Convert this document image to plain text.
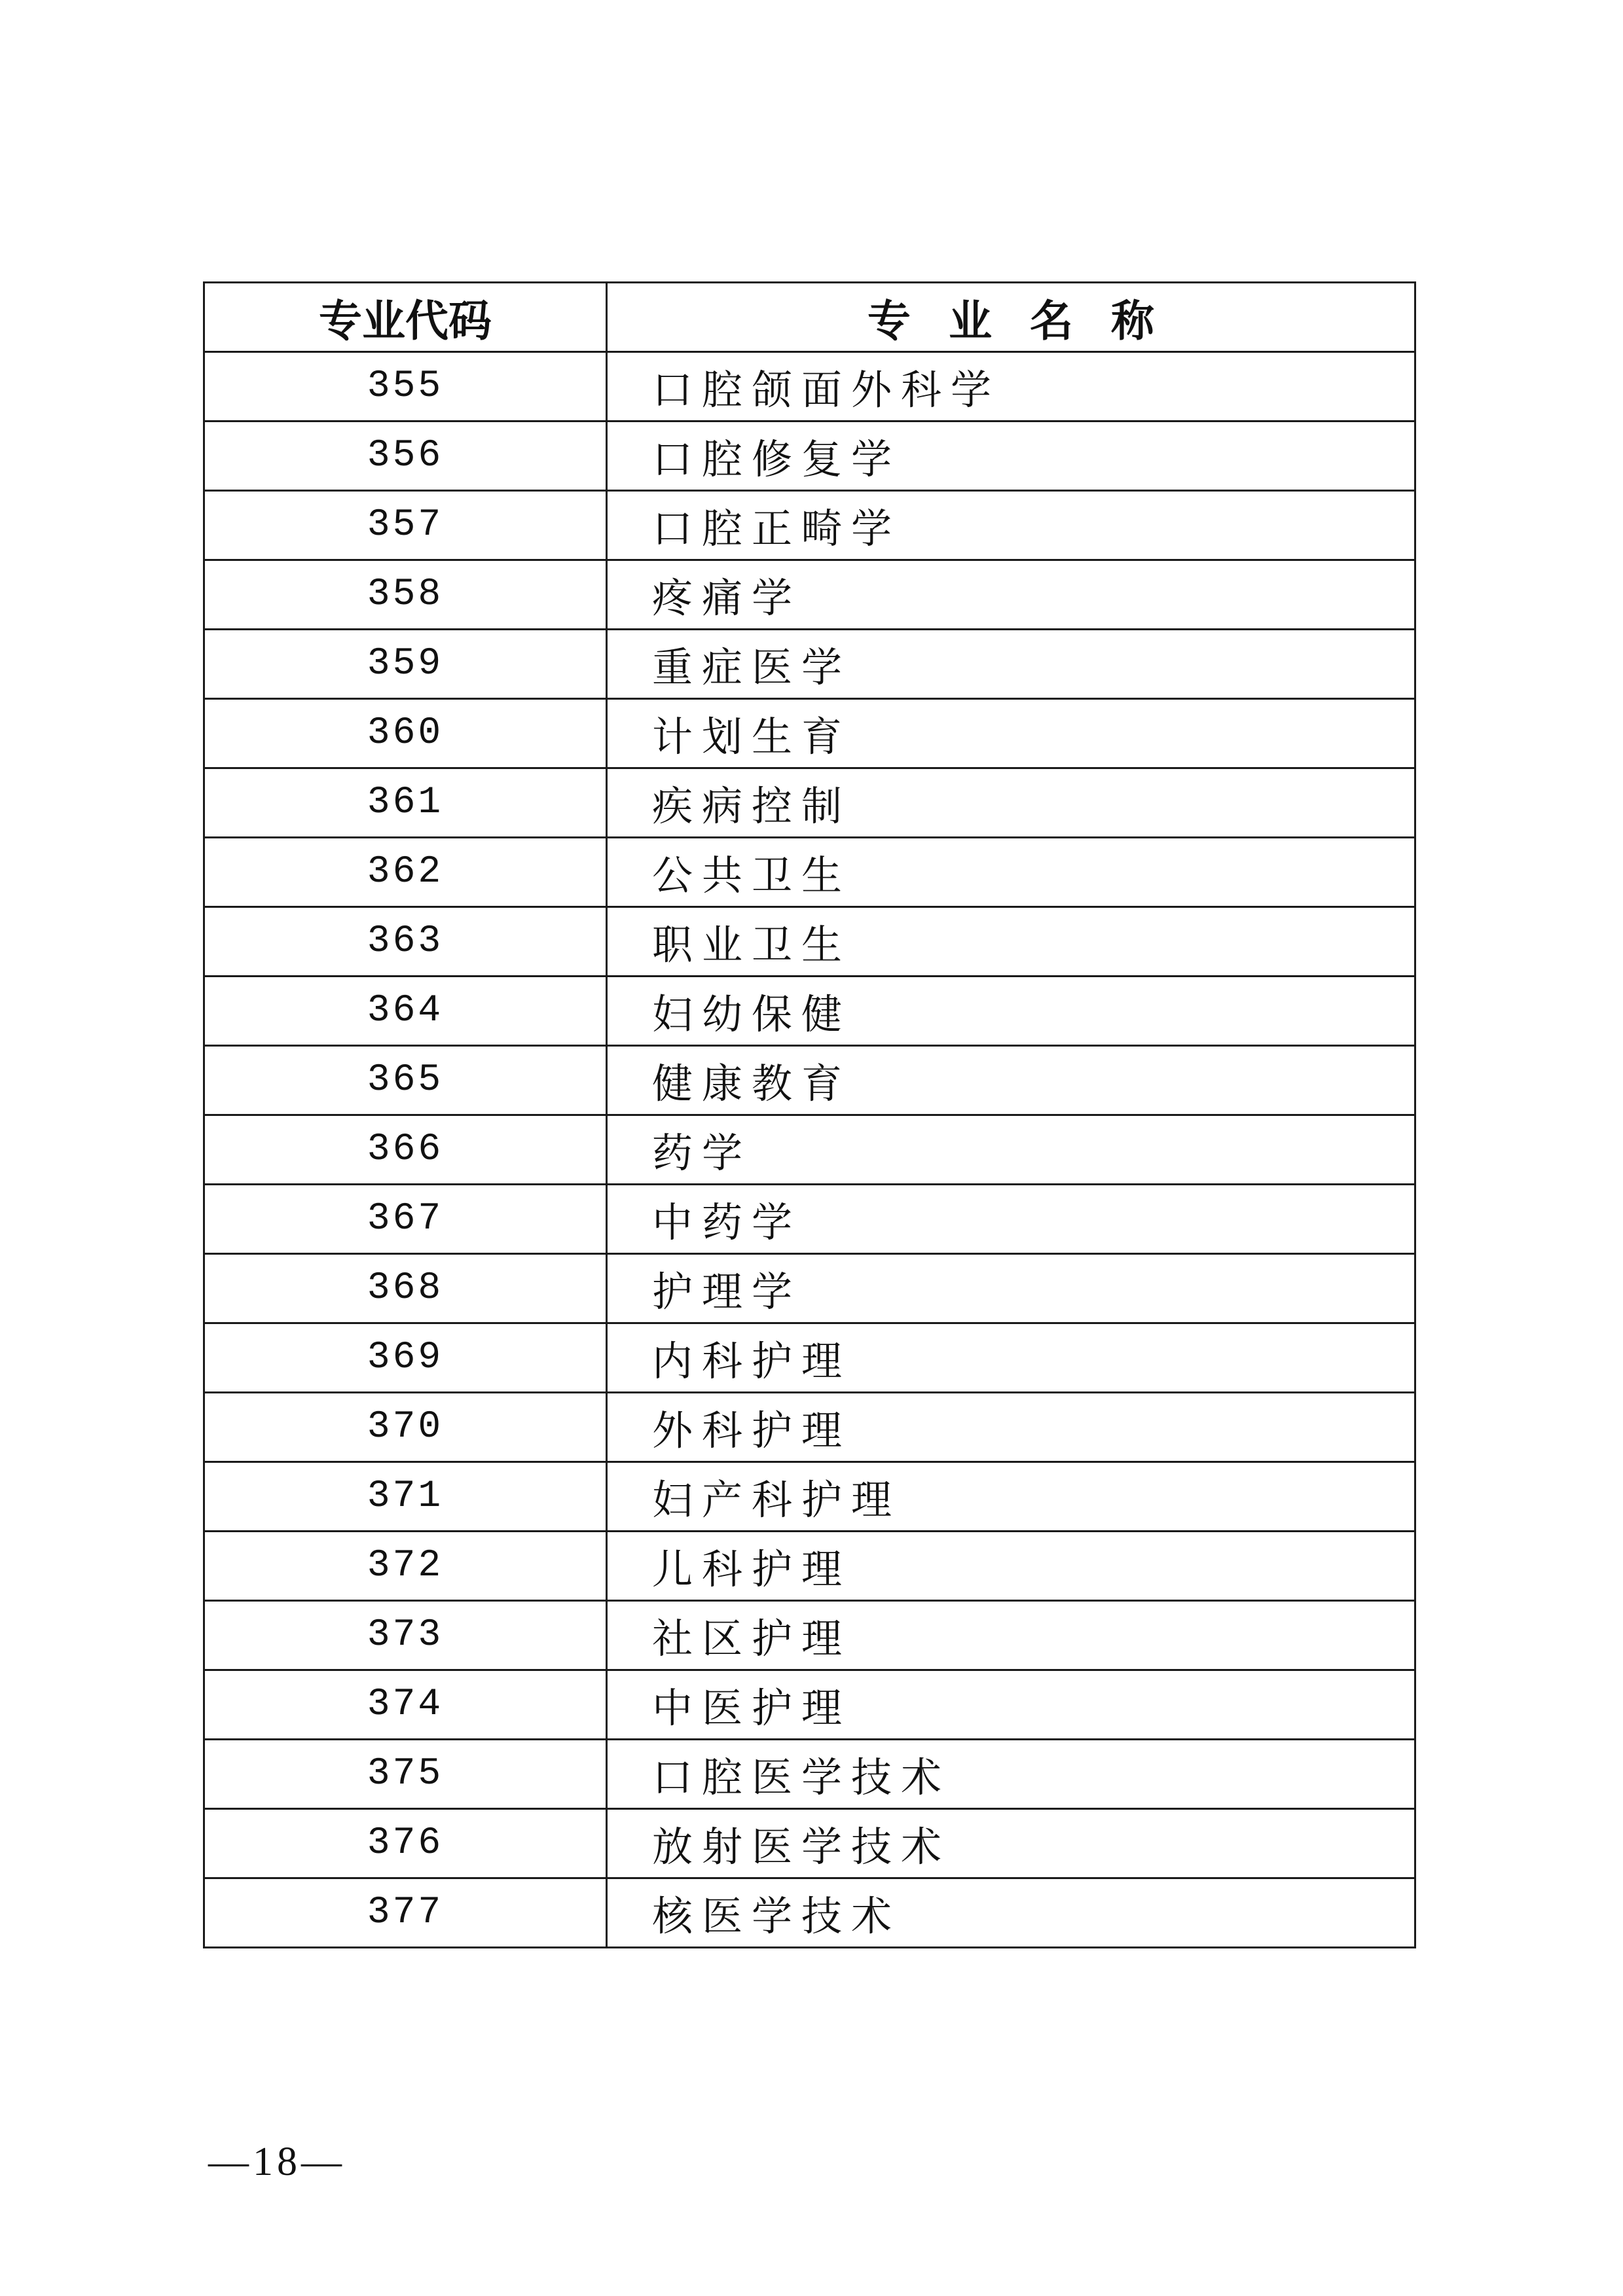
专业代码	专业名称
355	口腔颌面外科学
356	口腔修复学
357	口腔正畸学
358	疼痛学
359	重症医学
360	计划生育
361	疾病控制
362	公共卫生
363	职业卫生
364	妇幼保健
365	健康教育
366	药学
367	中药学
368	护理学
369	内科护理
370	外科护理
371	妇产科护理
372	儿科护理
373	社区护理
374	中医护理
375	口腔医学技术
376	放射医学技术
377	核医学技术
—18—
